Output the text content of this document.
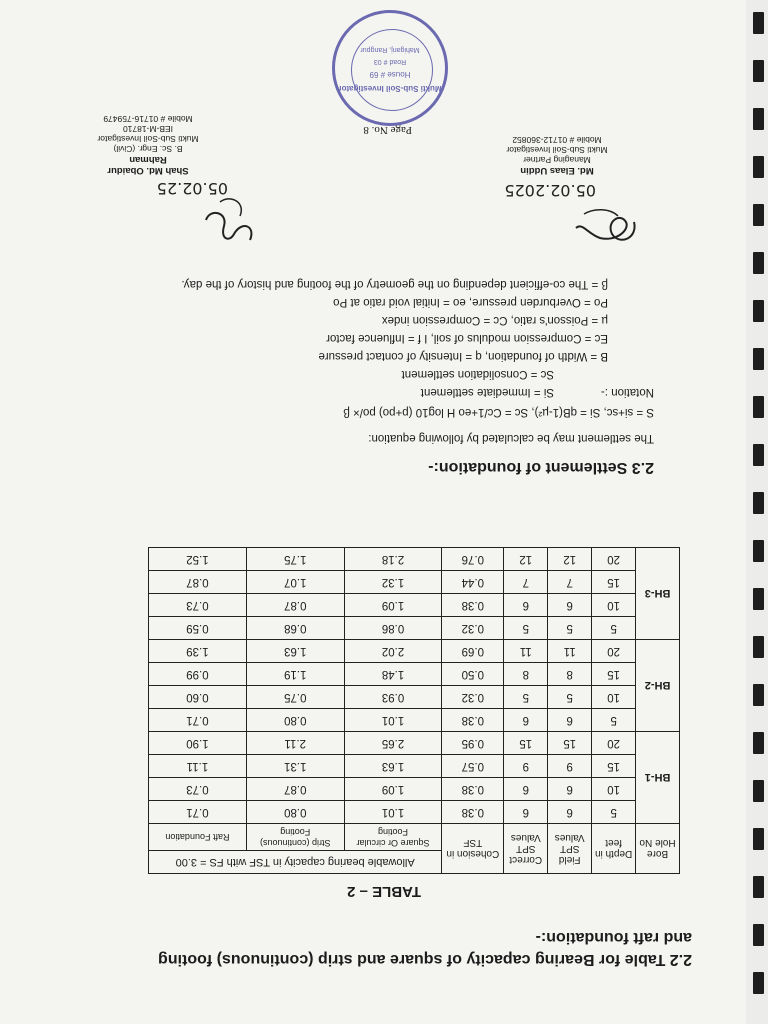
2.2 Table for Bearing capacity of square and strip (continuous) footing
and raft foundation:-
TABLE – 2
Bore Hole No	Depth in feet	Field SPT Values	Correct SPT Values	Cohesion in TSF	Allowable bearing capacity in TSF with FS = 3.00		
					Square Or circular Footing	Strip (continuous) Footing	Raft Foundation
BH-1	5	6	6	0.38	1.01	0.80	0.71
	10	6	6	0.38	1.09	0.87	0.73
	15	9	9	0.57	1.63	1.31	1.11
	20	15	15	0.95	2.65	2.11	1.90
BH-2	5	6	6	0.38	1.01	0.80	0.71
	10	5	5	0.32	0.93	0.75	0.60
	15	8	8	0.50	1.48	1.19	0.99
	20	11	11	0.69	2.02	1.63	1.39
BH-3	5	5	5	0.32	0.86	0.68	0.59
	10	6	6	0.38	1.09	0.87	0.73
	15	7	7	0.44	1.32	1.07	0.87
	20	12	12	0.76	2.18	1.75	1.52
2.3 Settlement of foundation:-
The settlement may be calculated by following equation:
S = si+sc, Si = qB(1-µ²), Sc = Cc/1+eo H log10 (p+po) po/× β
Notation :-
Si = Immediate settlement
Sc = Consolidation settlement
B = Width of foundation, q = Intensity of contact pressure
Ec = Compression modulus of soil, I f = Influence factor
µ = Poisson's ratio, Cc = Compression index
Po = Overburden pressure, eo = Initial void ratio at Po
β = The co-efficient depending on the geometry of the footing and history of the day.
05.02.2025
Md. Elaas Uddin
Managing Partner
Mukti Sub-Soil Investigator
Mobile # 01712-360852
05.02.25
Shah Md. Obaidur Rahman
B. Sc. Engr. (Civil)
Mukti Sub-Soil Investigator
IEB-M-18710
Mobile # 01716-759479
Page No. 8
Mukti Sub-Soil Investigator
House # 69
Road # 03
Mahiganj, Rangpur
